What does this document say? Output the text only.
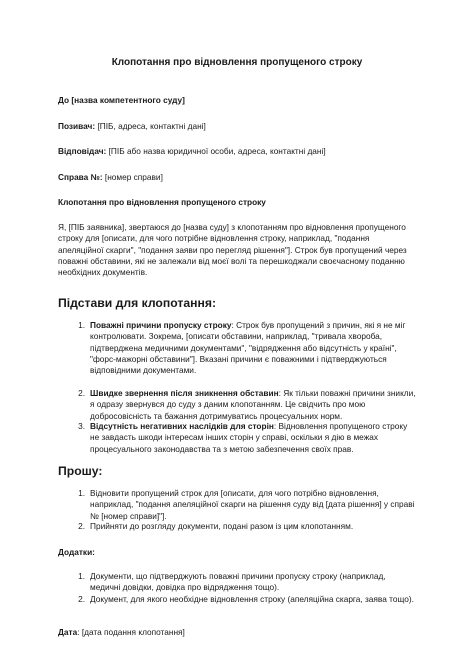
Клопотання про відновлення пропущеного строку
До [назва компетентного суду]
Позивач: [ПІБ, адреса, контактні дані]
Відповідач: [ПІБ або назва юридичної особи, адреса, контактні дані]
Справа №: [номер справи]
Клопотання про відновлення пропущеного строку
Я, [ПІБ заявника], звертаюся до [назва суду] з клопотанням про відновлення пропущеного строку для [описати, для чого потрібне відновлення строку, наприклад, "подання апеляційної скарги", "подання заяви про перегляд рішення"]. Строк був пропущений через поважні обставини, які не залежали від моєї волі та перешкоджали своєчасному поданню необхідних документів.
Підстави для клопотання:
1. Поважні причини пропуску строку: Строк був пропущений з причин, які я не міг контролювати. Зокрема, [описати обставини, наприклад, "тривала хвороба, підтверджена медичними документами", "відрядження або відсутність у країні", "форс-мажорні обставини"]. Вказані причини є поважними і підтверджуються відповідними документами.
2. Швидке звернення після зникнення обставин: Як тільки поважні причини зникли, я одразу звернувся до суду з даним клопотанням. Це свідчить про мою добросовісність та бажання дотримуватись процесуальних норм.
3. Відсутність негативних наслідків для сторін: Відновлення пропущеного строку не завдасть шкоди інтересам інших сторін у справі, оскільки я дію в межах процесуального законодавства та з метою забезпечення своїх прав.
Прошу:
1. Відновити пропущений строк для [описати, для чого потрібно відновлення, наприклад, "подання апеляційної скарги на рішення суду від [дата рішення] у справі № [номер справи]"].
2. Прийняти до розгляду документи, подані разом із цим клопотанням.
Додатки:
1. Документи, що підтверджують поважні причини пропуску строку (наприклад, медичні довідки, довідка про відрядження тощо).
2. Документ, для якого необхідне відновлення строку (апеляційна скарга, заява тощо).
Дата: [дата подання клопотання]
